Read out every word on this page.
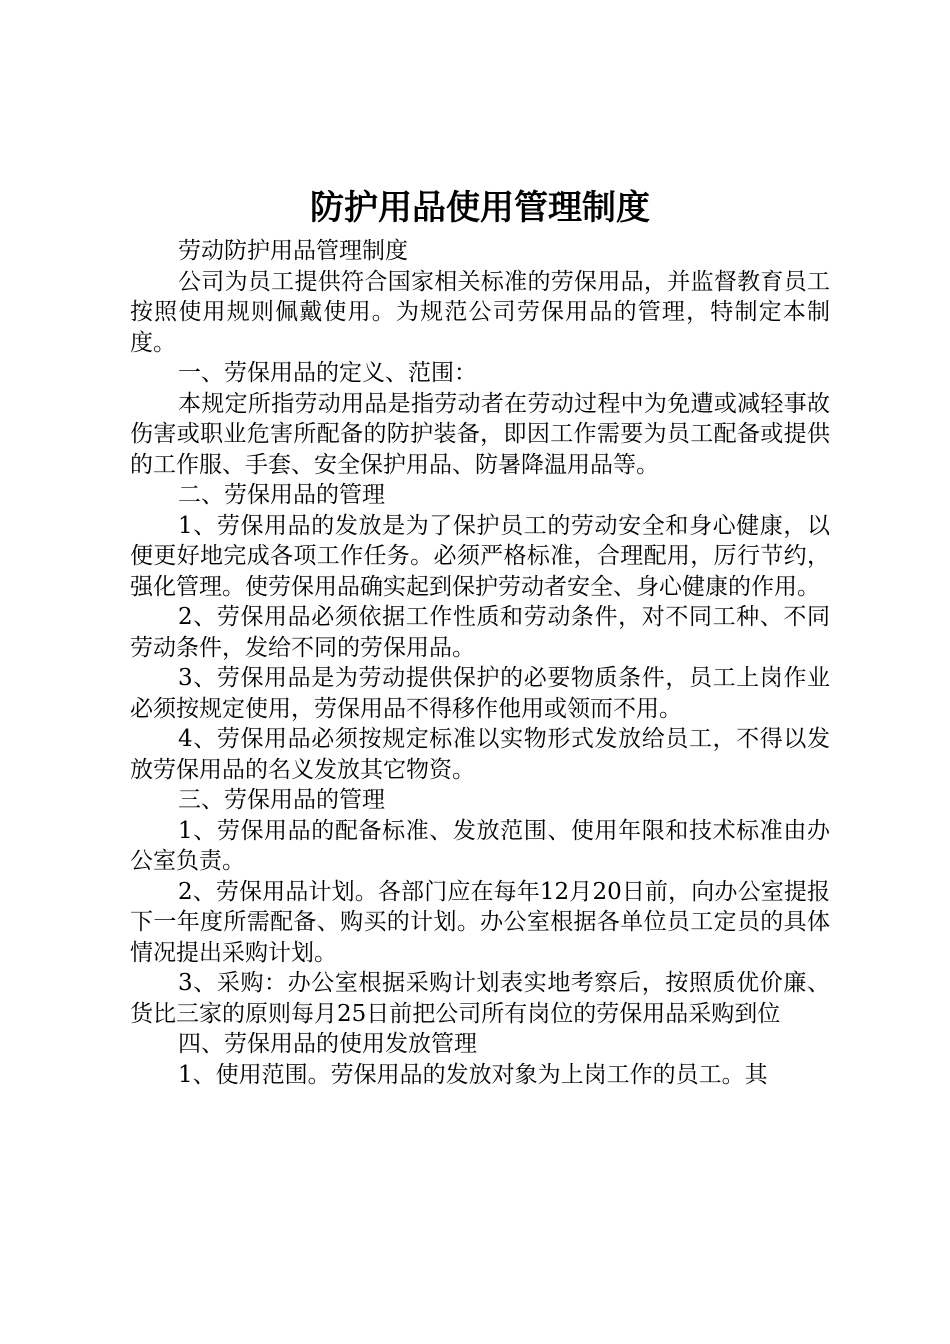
防护用品使用管理制度

劳动防护用品管理制度

公司为员工提供符合国家相关标准的劳保用品，并监督教育员工按照使用规则佩戴使用。为规范公司劳保用品的管理，特制定本制度。

一、劳保用品的定义、范围：

本规定所指劳动用品是指劳动者在劳动过程中为免遭或减轻事故伤害或职业危害所配备的防护装备，即因工作需要为员工配备或提供的工作服、手套、安全保护用品、防暑降温用品等。

二、劳保用品的管理

1、劳保用品的发放是为了保护员工的劳动安全和身心健康，以便更好地完成各项工作任务。必须严格标准，合理配用，厉行节约，强化管理。使劳保用品确实起到保护劳动者安全、身心健康的作用。

2、劳保用品必须依据工作性质和劳动条件，对不同工种、不同劳动条件，发给不同的劳保用品。

3、劳保用品是为劳动提供保护的必要物质条件，员工上岗作业必须按规定使用，劳保用品不得移作他用或领而不用。

4、劳保用品必须按规定标准以实物形式发放给员工，不得以发放劳保用品的名义发放其它物资。

三、劳保用品的管理

1、劳保用品的配备标准、发放范围、使用年限和技术标准由办公室负责。

2、劳保用品计划。各部门应在每年12月20日前，向办公室提报下一年度所需配备、购买的计划。办公室根据各单位员工定员的具体情况提出采购计划。

3、采购：办公室根据采购计划表实地考察后，按照质优价廉、货比三家的原则每月25日前把公司所有岗位的劳保用品采购到位

四、劳保用品的使用发放管理

1、使用范围。劳保用品的发放对象为上岗工作的员工。其
